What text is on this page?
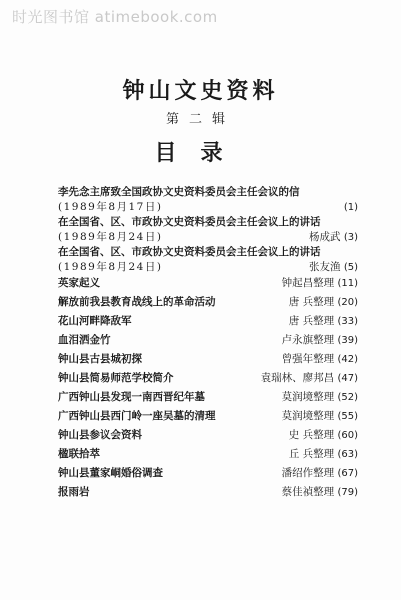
时光图书馆 atimebook.com
钟山文史资料
第二辑
目录
李先念主席致全国政协文史资料委员会主任会议的信
(1989年8月17日)	(1)
在全国省、区、市政协文史资料委员会主任会议上的讲话
(1989年8月24日)	杨成武 (3)
在全国省、区、市政协文史资料委员会主任会议上的讲话
(1989年8月24日)	张友渔 (5)
英家起义	钟起昌整理 (11)
解放前我县教育战线上的革命活动	唐 兵整理 (20)
花山河畔降敌军	唐 兵整理 (33)
血泪洒金竹	卢永旗整理 (39)
钟山县古县城初探	曾强年整理 (42)
钟山县简易师范学校简介	袁瑞林、廖邦昌 (47)
广西钟山县发现一南西晋纪年墓	莫润境整理 (52)
广西钟山县西门岭一座吴墓的清理	莫润境整理 (55)
钟山县参议会资料	史 兵整理 (60)
楹联拾萃	丘 兵整理 (63)
钟山县董家峒婚俗调查	潘绍作整理 (67)
报雨岩	蔡佳禎整理 (79)
